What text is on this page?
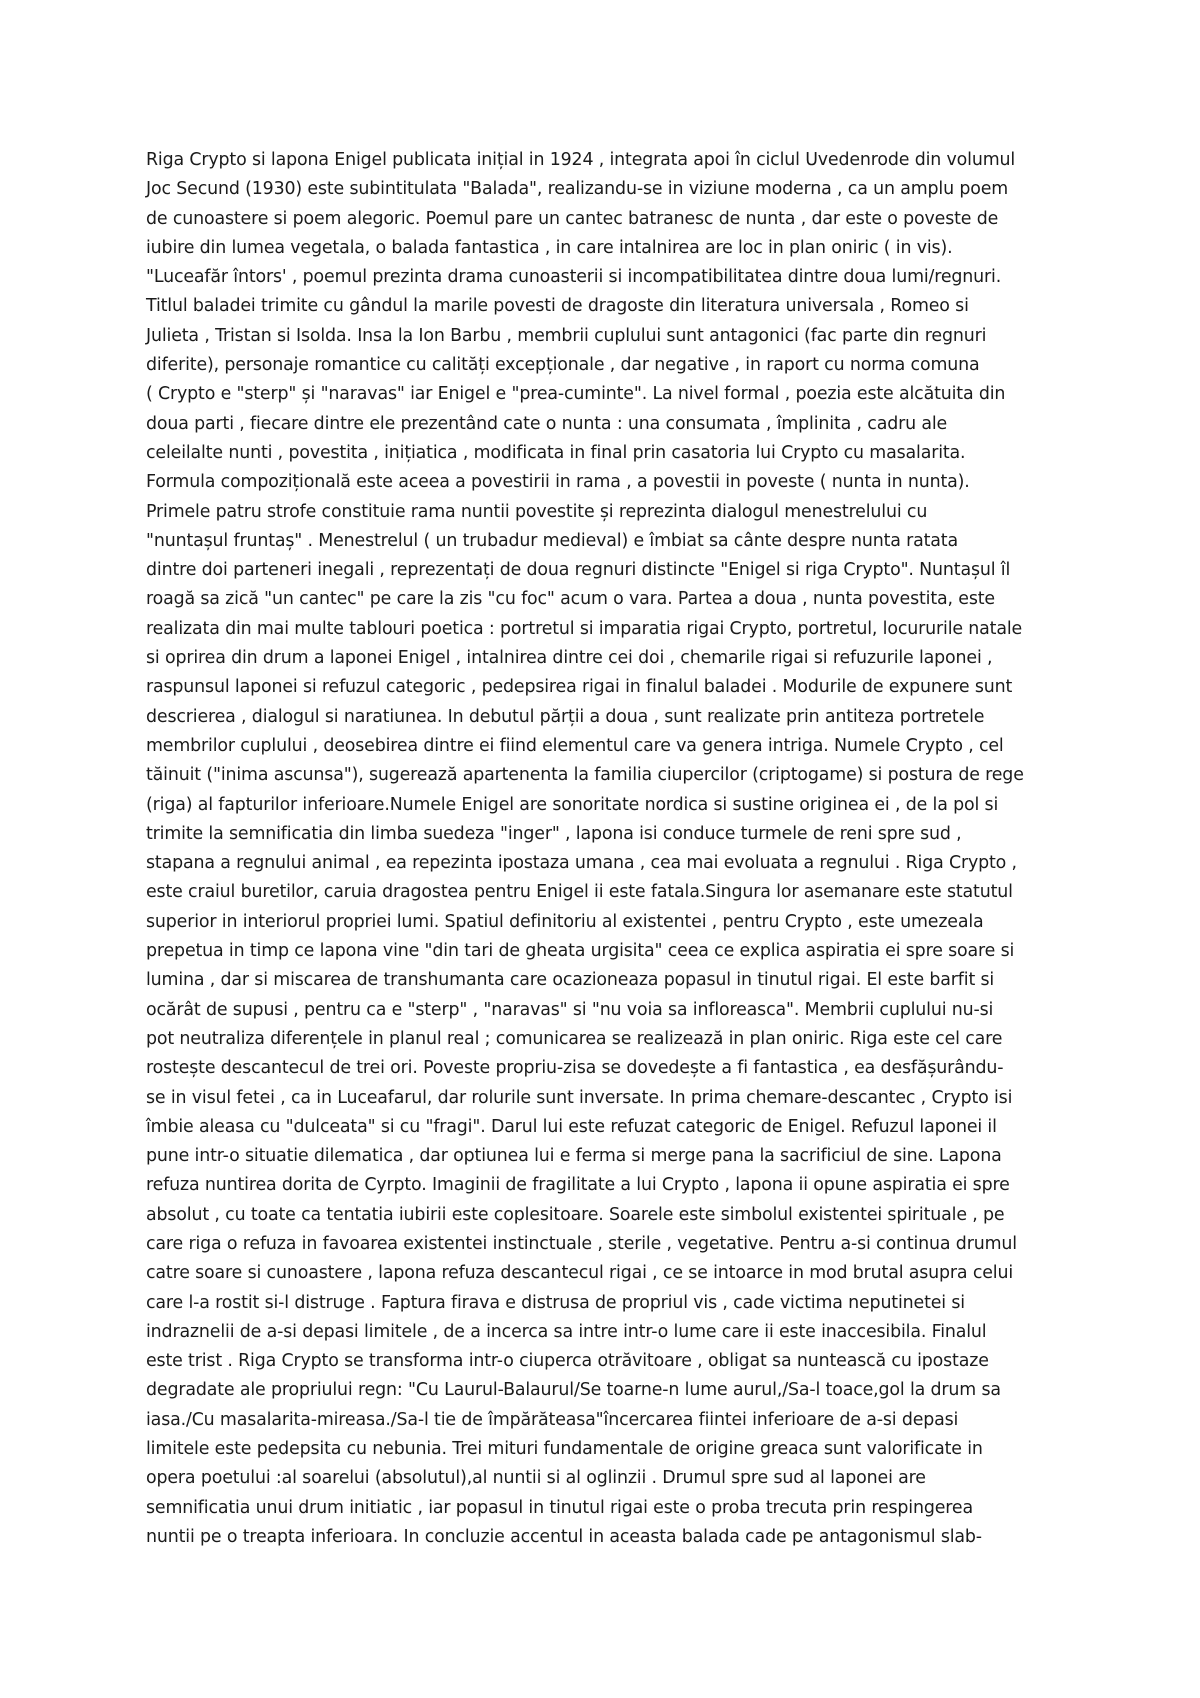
Riga Crypto si lapona Enigel publicata inițial in 1924 , integrata apoi în ciclul Uvedenrode din volumul
Joc Secund (1930) este subintitulata "Balada", realizandu-se in viziune moderna , ca un amplu poem
de cunoastere si poem alegoric. Poemul pare un cantec batranesc de nunta , dar este o poveste de
iubire din lumea vegetala, o balada fantastica , in care intalnirea are loc in plan oniric ( in vis).
"Luceafăr întors' , poemul prezinta drama cunoasterii si incompatibilitatea dintre doua lumi/regnuri.
Titlul baladei trimite cu gândul la marile povesti de dragoste din literatura universala , Romeo si
Julieta , Tristan si Isolda. Insa la Ion Barbu , membrii cuplului sunt antagonici (fac parte din regnuri
diferite), personaje romantice cu calități excepționale , dar negative , in raport cu norma comuna
( Crypto e "sterp" și "naravas" iar Enigel e "prea-cuminte". La nivel formal , poezia este alcătuita din
doua parti , fiecare dintre ele prezentând cate o nunta : una consumata , împlinita , cadru ale
celeilalte nunti , povestita , inițiatica , modificata in final prin casatoria lui Crypto cu masalarita.
Formula compozițională este aceea a povestirii in rama , a povestii in poveste ( nunta in nunta).
Primele patru strofe constituie rama nuntii povestite și reprezinta dialogul menestrelului cu
"nuntașul fruntaș" . Menestrelul ( un trubadur medieval) e îmbiat sa cânte despre nunta ratata
dintre doi parteneri inegali , reprezentați de doua regnuri distincte "Enigel si riga Crypto". Nuntașul îl
roagă sa zică "un cantec" pe care la zis "cu foc" acum o vara. Partea a doua , nunta povestita, este
realizata din mai multe tablouri poetica : portretul si imparatia rigai Crypto, portretul, locururile natale
si oprirea din drum a laponei Enigel , intalnirea dintre cei doi , chemarile rigai si refuzurile laponei ,
raspunsul laponei si refuzul categoric , pedepsirea rigai in finalul baladei . Modurile de expunere sunt
descrierea , dialogul si naratiunea. In debutul părții a doua , sunt realizate prin antiteza portretele
membrilor cuplului , deosebirea dintre ei fiind elementul care va genera intriga. Numele Crypto , cel
tăinuit ("inima ascunsa"), sugerează apartenenta la familia ciupercilor (criptogame) si postura de rege
(riga) al fapturilor inferioare.Numele Enigel are sonoritate nordica si sustine originea ei , de la pol si
trimite la semnificatia din limba suedeza "inger" , lapona isi conduce turmele de reni spre sud ,
stapana a regnului animal , ea repezinta ipostaza umana , cea mai evoluata a regnului . Riga Crypto ,
este craiul buretilor, caruia dragostea pentru Enigel ii este fatala.Singura lor asemanare este statutul
superior in interiorul propriei lumi. Spatiul definitoriu al existentei , pentru Crypto , este umezeala
prepetua in timp ce lapona vine "din tari de gheata urgisita" ceea ce explica aspiratia ei spre soare si
lumina , dar si miscarea de transhumanta care ocazioneaza popasul in tinutul rigai. El este barfit si
ocărât de supusi , pentru ca e "sterp" , "naravas" si "nu voia sa infloreasca". Membrii cuplului nu-si
pot neutraliza diferențele in planul real ; comunicarea se realizează in plan oniric. Riga este cel care
rostește descantecul de trei ori. Poveste propriu-zisa se dovedește a fi fantastica , ea desfășurându-
se in visul fetei , ca in Luceafarul, dar rolurile sunt inversate. In prima chemare-descantec , Crypto isi
îmbie aleasa cu "dulceata" si cu "fragi". Darul lui este refuzat categoric de Enigel. Refuzul laponei il
pune intr-o situatie dilematica , dar optiunea lui e ferma si merge pana la sacrificiul de sine. Lapona
refuza nuntirea dorita de Cyrpto. Imaginii de fragilitate a lui Crypto , lapona ii opune aspiratia ei spre
absolut , cu toate ca tentatia iubirii este coplesitoare. Soarele este simbolul existentei spirituale , pe
care riga o refuza in favoarea existentei instinctuale , sterile , vegetative. Pentru a-si continua drumul
catre soare si cunoastere , lapona refuza descantecul rigai , ce se intoarce in mod brutal asupra celui
care l-a rostit si-l distruge . Faptura firava e distrusa de propriul vis , cade victima neputinetei si
indraznelii de a-si depasi limitele , de a incerca sa intre intr-o lume care ii este inaccesibila. Finalul
este trist . Riga Crypto se transforma intr-o ciuperca otrăvitoare , obligat sa nuntească cu ipostaze
degradate ale propriului regn: "Cu Laurul-Balaurul/Se toarne-n lume aurul,/Sa-l toace,gol la drum sa
iasa./Cu masalarita-mireasa./Sa-l tie de împărăteasa"încercarea fiintei inferioare de a-si depasi
limitele este pedepsita cu nebunia. Trei mituri fundamentale de origine greaca sunt valorificate in
opera poetului :al soarelui (absolutul),al nuntii si al oglinzii . Drumul spre sud al laponei are
semnificatia unui drum initiatic , iar popasul in tinutul rigai este o proba trecuta prin respingerea
nuntii pe o treapta inferioara. In concluzie accentul in aceasta balada cade pe antagonismul slab-
